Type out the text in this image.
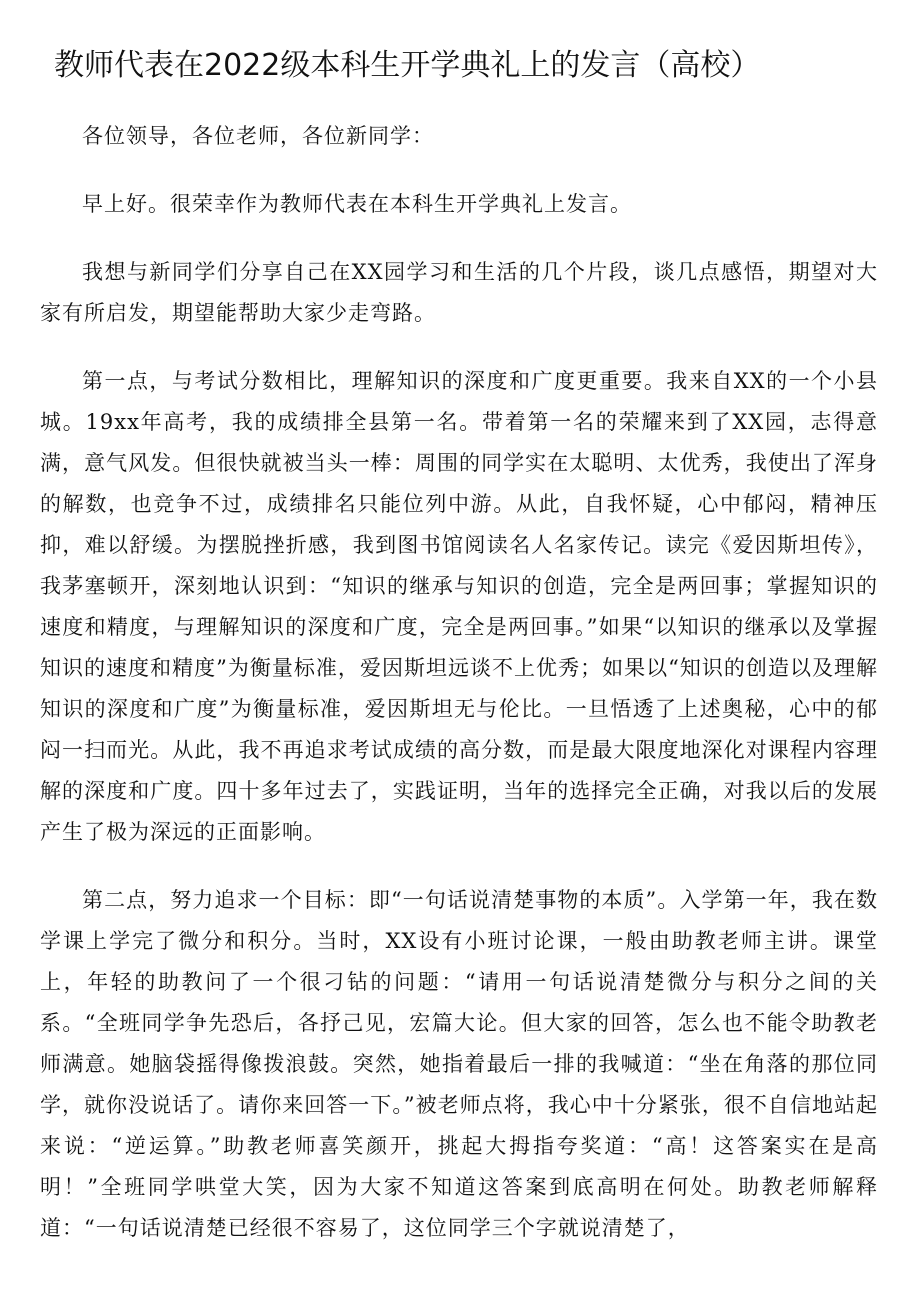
教师代表在2022级本科生开学典礼上的发言（高校）

各位领导，各位老师，各位新同学：

早上好。很荣幸作为教师代表在本科生开学典礼上发言。

我想与新同学们分享自己在XX园学习和生活的几个片段，谈几点感悟，期望对大家有所启发，期望能帮助大家少走弯路。

第一点，与考试分数相比，理解知识的深度和广度更重要。我来自XX的一个小县城。19xx年高考，我的成绩排全县第一名。带着第一名的荣耀来到了XX园，志得意满，意气风发。但很快就被当头一棒：周围的同学实在太聪明、太优秀，我使出了浑身的解数，也竞争不过，成绩排名只能位列中游。从此，自我怀疑，心中郁闷，精神压抑，难以舒缓。为摆脱挫折感，我到图书馆阅读名人名家传记。读完《爱因斯坦传》，我茅塞顿开，深刻地认识到：“知识的继承与知识的创造，完全是两回事；掌握知识的速度和精度，与理解知识的深度和广度，完全是两回事。”如果“以知识的继承以及掌握知识的速度和精度”为衡量标准，爱因斯坦远谈不上优秀；如果以“知识的创造以及理解知识的深度和广度”为衡量标准，爱因斯坦无与伦比。一旦悟透了上述奥秘，心中的郁闷一扫而光。从此，我不再追求考试成绩的高分数，而是最大限度地深化对课程内容理解的深度和广度。四十多年过去了，实践证明，当年的选择完全正确，对我以后的发展产生了极为深远的正面影响。

第二点，努力追求一个目标：即“一句话说清楚事物的本质”。入学第一年，我在数学课上学完了微分和积分。当时，XX设有小班讨论课，一般由助教老师主讲。课堂上，年轻的助教问了一个很刁钻的问题：“请用一句话说清楚微分与积分之间的关系。“全班同学争先恐后，各抒己见，宏篇大论。但大家的回答，怎么也不能令助教老师满意。她脑袋摇得像拨浪鼓。突然，她指着最后一排的我喊道：“坐在角落的那位同学，就你没说话了。请你来回答一下。”被老师点将，我心中十分紧张，很不自信地站起来说：“逆运算。”助教老师喜笑颜开，挑起大拇指夸奖道：“高！这答案实在是高明！”全班同学哄堂大笑，因为大家不知道这答案到底高明在何处。助教老师解释道：“一句话说清楚已经很不容易了，这位同学三个字就说清楚了，
